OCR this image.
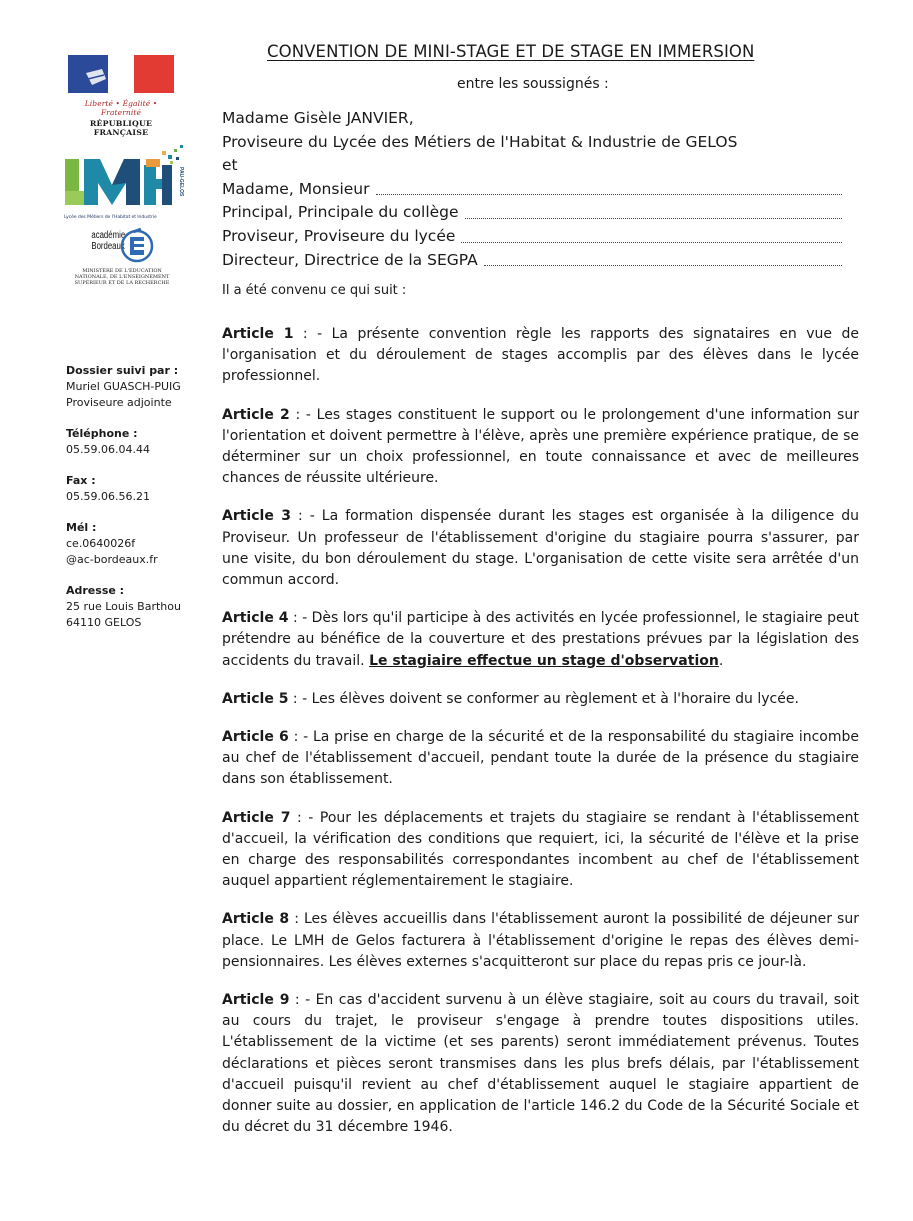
Liberté • Égalité • Fraternité
RÉPUBLIQUE FRANÇAISE
PAU-GELOS
Lycée des Métiers de l'Habitat et Industrie
académie
Bordeaux
MINISTÈRE DE L'ÉDUCATION NATIONALE, DE L'ENSEIGNEMENT SUPÉRIEUR ET DE LA RECHERCHE
Dossier suivi par :
Muriel GUASCH-PUIG
Proviseure adjointe
Téléphone :
05.59.06.04.44
Fax :
05.59.06.56.21
Mél :
ce.0640026f
@ac-bordeaux.fr
Adresse :
25 rue Louis Barthou
64110 GELOS
CONVENTION DE MINI-STAGE ET DE STAGE EN IMMERSION
entre les soussignés :
Madame Gisèle JANVIER,
Proviseure du Lycée des Métiers de l'Habitat & Industrie de GELOS
et
Madame, Monsieur
Principal, Principale du collège
Proviseur, Proviseure du lycée
Directeur, Directrice de la SEGPA
Il a été convenu ce qui suit :

Article 1 : - La présente convention règle les rapports des signataires en vue de l'organisation et du déroulement de stages accomplis par des élèves dans le lycée professionnel.

Article 2 : - Les stages constituent le support ou le prolongement d'une information sur l'orientation et doivent permettre à l'élève, après une première expérience pratique, de se déterminer sur un choix professionnel, en toute connaissance et avec de meilleures chances de réussite ultérieure.

Article 3 : - La formation dispensée durant les stages est organisée à la diligence du Proviseur. Un professeur de l'établissement d'origine du stagiaire pourra s'assurer, par une visite, du bon déroulement du stage. L'organisation de cette visite sera arrêtée d'un commun accord.

Article 4 : - Dès lors qu'il participe à des activités en lycée professionnel, le stagiaire peut prétendre au bénéfice de la couverture et des prestations prévues par la législation des accidents du travail. Le stagiaire effectue un stage d'observation.

Article 5 : - Les élèves doivent se conformer au règlement et à l'horaire du lycée.

Article 6 : - La prise en charge de la sécurité et de la responsabilité du stagiaire incombe au chef de l'établissement d'accueil, pendant toute la durée de la présence du stagiaire dans son établissement.

Article 7 : - Pour les déplacements et trajets du stagiaire se rendant à l'établissement d'accueil, la vérification des conditions que requiert, ici, la sécurité de l'élève et la prise en charge des responsabilités correspondantes incombent au chef de l'établissement auquel appartient réglementairement le stagiaire.

Article 8 : Les élèves accueillis dans l'établissement auront la possibilité de déjeuner sur place. Le LMH de Gelos facturera à l'établissement d'origine le repas des élèves demi-pensionnaires. Les élèves externes s'acquitteront sur place du repas pris ce jour-là.

Article 9 : - En cas d'accident survenu à un élève stagiaire, soit au cours du travail, soit au cours du trajet, le proviseur s'engage à prendre toutes dispositions utiles. L'établissement de la victime (et ses parents) seront immédiatement prévenus. Toutes déclarations et pièces seront transmises dans les plus brefs délais, par l'établissement d'accueil puisqu'il revient au chef d'établissement auquel le stagiaire appartient de donner suite au dossier, en application de l'article 146.2 du Code de la Sécurité Sociale et du décret du 31 décembre 1946.
